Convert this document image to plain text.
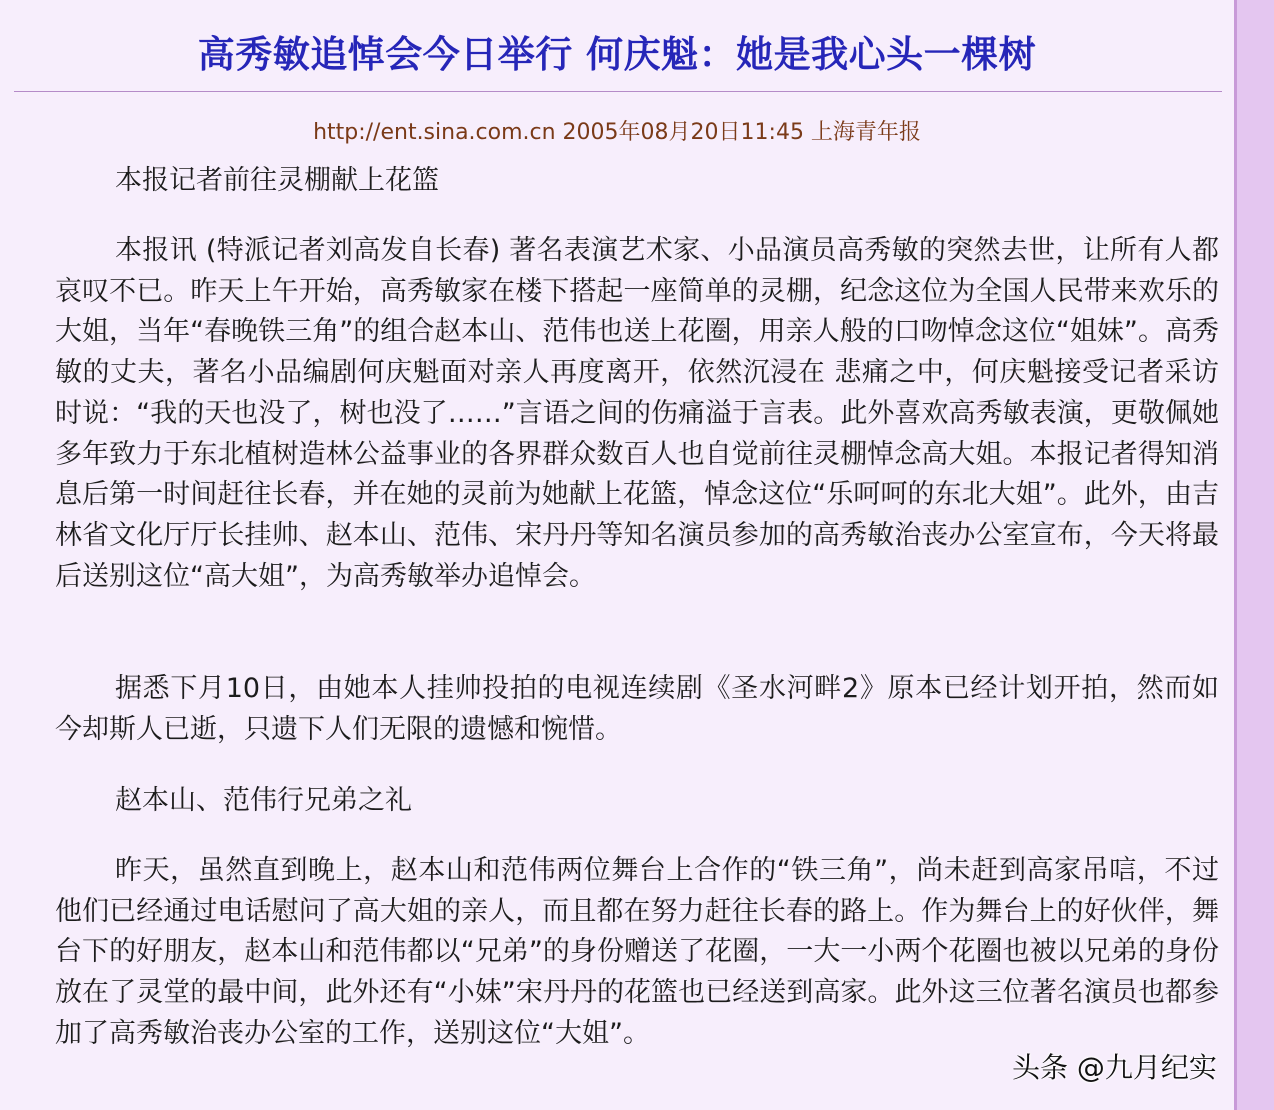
高秀敏追悼会今日举行 何庆魁：她是我心头一棵树
http://ent.sina.com.cn 2005年08月20日11:45 上海青年报

本报记者前往灵棚献上花篮

本报讯 (特派记者刘高发自长春) 著名表演艺术家、小品演员高秀敏的突然去世，让所有人都哀叹不已。昨天上午开始，高秀敏家在楼下搭起一座简单的灵棚，纪念这位为全国人民带来欢乐的大姐，当年“春晚铁三角”的组合赵本山、范伟也送上花圈，用亲人般的口吻悼念这位“姐妹”。高秀敏的丈夫，著名小品编剧何庆魁面对亲人再度离开，依然沉浸在 悲痛之中，何庆魁接受记者采访时说：“我的天也没了，树也没了……”言语之间的伤痛溢于言表。此外喜欢高秀敏表演，更敬佩她多年致力于东北植树造林公益事业的各界群众数百人也自觉前往灵棚悼念高大姐。本报记者得知消息后第一时间赶往长春，并在她的灵前为她献上花篮，悼念这位“乐呵呵的东北大姐”。此外，由吉林省文化厅厅长挂帅、赵本山、范伟、宋丹丹等知名演员参加的高秀敏治丧办公室宣布，今天将最后送别这位“高大姐”，为高秀敏举办追悼会。

据悉下月10日，由她本人挂帅投拍的电视连续剧《圣水河畔2》原本已经计划开拍，然而如今却斯人已逝，只遗下人们无限的遗憾和惋惜。

赵本山、范伟行兄弟之礼

昨天，虽然直到晚上，赵本山和范伟两位舞台上合作的“铁三角”，尚未赶到高家吊唁，不过他们已经通过电话慰问了高大姐的亲人，而且都在努力赶往长春的路上。作为舞台上的好伙伴，舞台下的好朋友，赵本山和范伟都以“兄弟”的身份赠送了花圈，一大一小两个花圈也被以兄弟的身份放在了灵堂的最中间，此外还有“小妹”宋丹丹的花篮也已经送到高家。此外这三位著名演员也都参加了高秀敏治丧办公室的工作，送别这位“大姐”。

头条 @九月纪实
